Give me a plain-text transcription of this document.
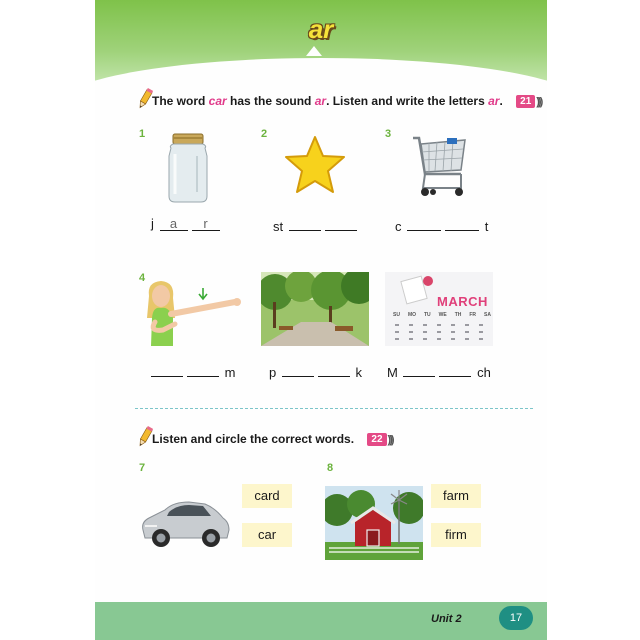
ar
The word car has the sound ar. Listen and write the letters ar. 21 )))
1
j a r
2
st
3
c	t
4
m	p	k
MARCH
SU MO TU WE TH FR SA
M	ch
Listen and circle the correct words. 22 )))
7
card
car
8
farm
firm
Unit 2	17
